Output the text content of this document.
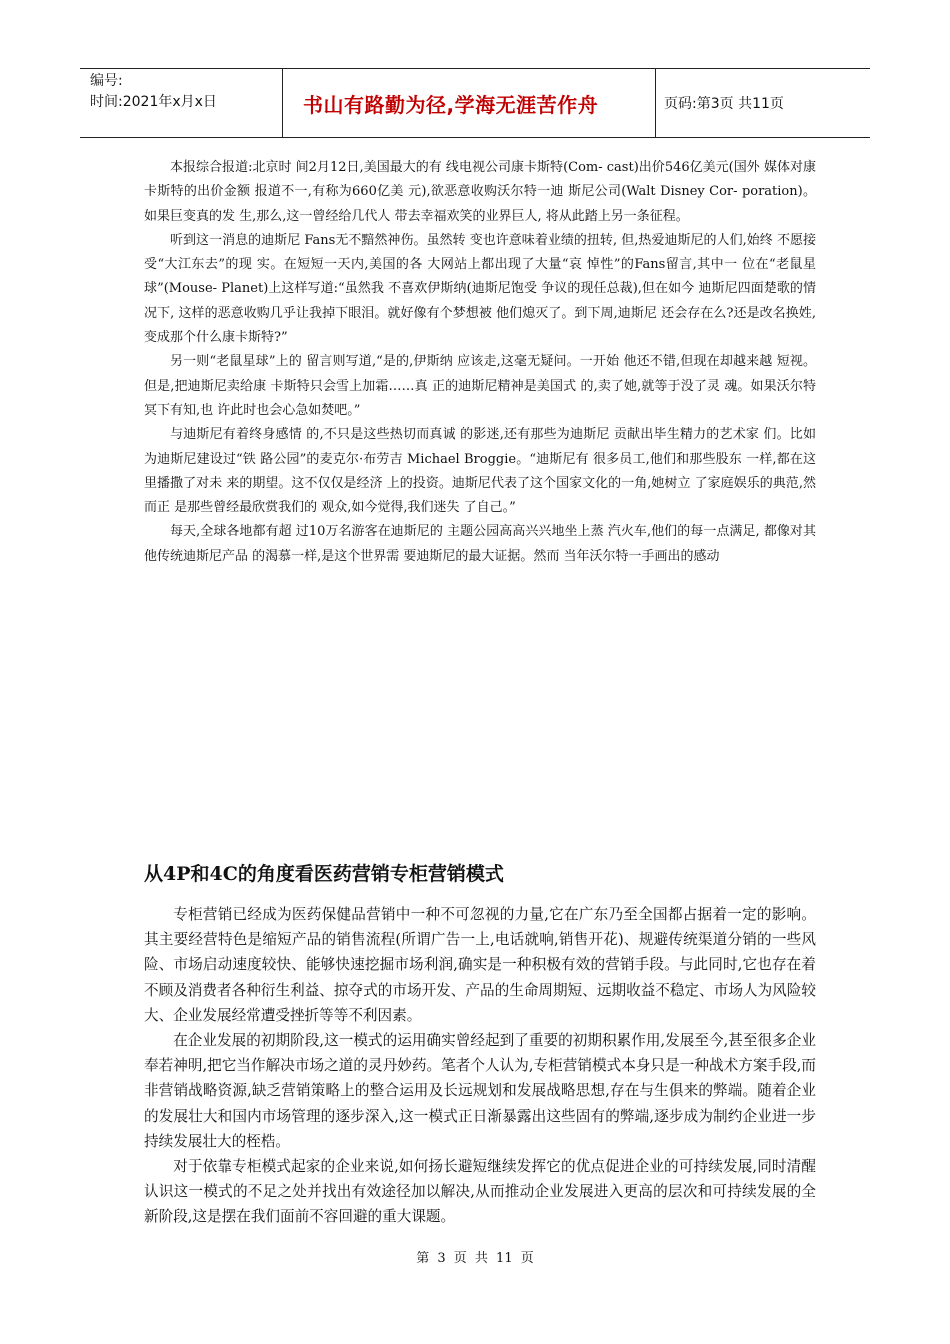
编号:
时间:2021年x月x日	书山有路勤为径,学海无涯苦作舟	页码:第3页 共11页

本报综合报道:北京时 间2月12日,美国最大的有 线电视公司康卡斯特(Com- cast)出价546亿美元(国外 媒体对康卡斯特的出价金额 报道不一,有称为660亿美 元),欲恶意收购沃尔特一迪 斯尼公司(Walt Disney Cor- poration)。如果巨变真的发 生,那么,这一曾经给几代人 带去幸福欢笑的业界巨人, 将从此踏上另一条征程。

听到这一消息的迪斯尼 Fans无不黯然神伤。虽然转 变也许意味着业绩的扭转, 但,热爱迪斯尼的人们,始终 不愿接受“大江东去”的现 实。在短短一天内,美国的各 大网站上都出现了大量“哀 悼性”的Fans留言,其中一 位在“老鼠星球”(Mouse- Planet)上这样写道:“虽然我 不喜欢伊斯纳(迪斯尼饱受 争议的现任总裁),但在如今 迪斯尼四面楚歌的情况下, 这样的恶意收购几乎让我掉下眼泪。就好像有个梦想被 他们熄灭了。到下周,迪斯尼 还会存在么?还是改名换姓, 变成那个什么康卡斯特?”

另一则“老鼠星球”上的 留言则写道,“是的,伊斯纳 应该走,这毫无疑问。一开始 他还不错,但现在却越来越 短视。但是,把迪斯尼卖给康 卡斯特只会雪上加霜……真 正的迪斯尼精神是美国式 的,卖了她,就等于没了灵 魂。如果沃尔特冥下有知,也 许此时也会心急如焚吧。”

与迪斯尼有着终身感情 的,不只是这些热切而真诚 的影迷,还有那些为迪斯尼 贡献出毕生精力的艺术家 们。比如为迪斯尼建设过“铁 路公园”的麦克尔·布劳吉 Michael Broggie。“迪斯尼有 很多员工,他们和那些股东 一样,都在这里播撒了对未 来的期望。这不仅仅是经济 上的投资。迪斯尼代表了这个国家文化的一角,她树立 了家庭娱乐的典范,然而正 是那些曾经最欣赏我们的 观众,如今觉得,我们迷失 了自己。”

每天,全球各地都有超 过10万名游客在迪斯尼的 主题公园高高兴兴地坐上蒸 汽火车,他们的每一点满足, 都像对其他传统迪斯尼产品 的渴慕一样,是这个世界需 要迪斯尼的最大证据。然而 当年沃尔特一手画出的感动

从4P和4C的角度看医药营销专柜营销模式

专柜营销已经成为医药保健品营销中一种不可忽视的力量,它在广东乃至全国都占据着一定的影响。其主要经营特色是缩短产品的销售流程(所谓广告一上,电话就响,销售开花)、规避传统渠道分销的一些风险、市场启动速度较快、能够快速挖掘市场利润,确实是一种积极有效的营销手段。与此同时,它也存在着不顾及消费者各种衍生利益、掠夺式的市场开发、产品的生命周期短、远期收益不稳定、市场人为风险较大、企业发展经常遭受挫折等等不利因素。

在企业发展的初期阶段,这一模式的运用确实曾经起到了重要的初期积累作用,发展至今,甚至很多企业奉若神明,把它当作解决市场之道的灵丹妙药。笔者个人认为,专柜营销模式本身只是一种战术方案手段,而非营销战略资源,缺乏营销策略上的整合运用及长远规划和发展战略思想,存在与生俱来的弊端。随着企业的发展壮大和国内市场管理的逐步深入,这一模式正日渐暴露出这些固有的弊端,逐步成为制约企业进一步持续发展壮大的桎梏。

对于依靠专柜模式起家的企业来说,如何扬长避短继续发挥它的优点促进企业的可持续发展,同时清醒认识这一模式的不足之处并找出有效途径加以解决,从而推动企业发展进入更高的层次和可持续发展的全新阶段,这是摆在我们面前不容回避的重大课题。

第 3 页 共 11 页
